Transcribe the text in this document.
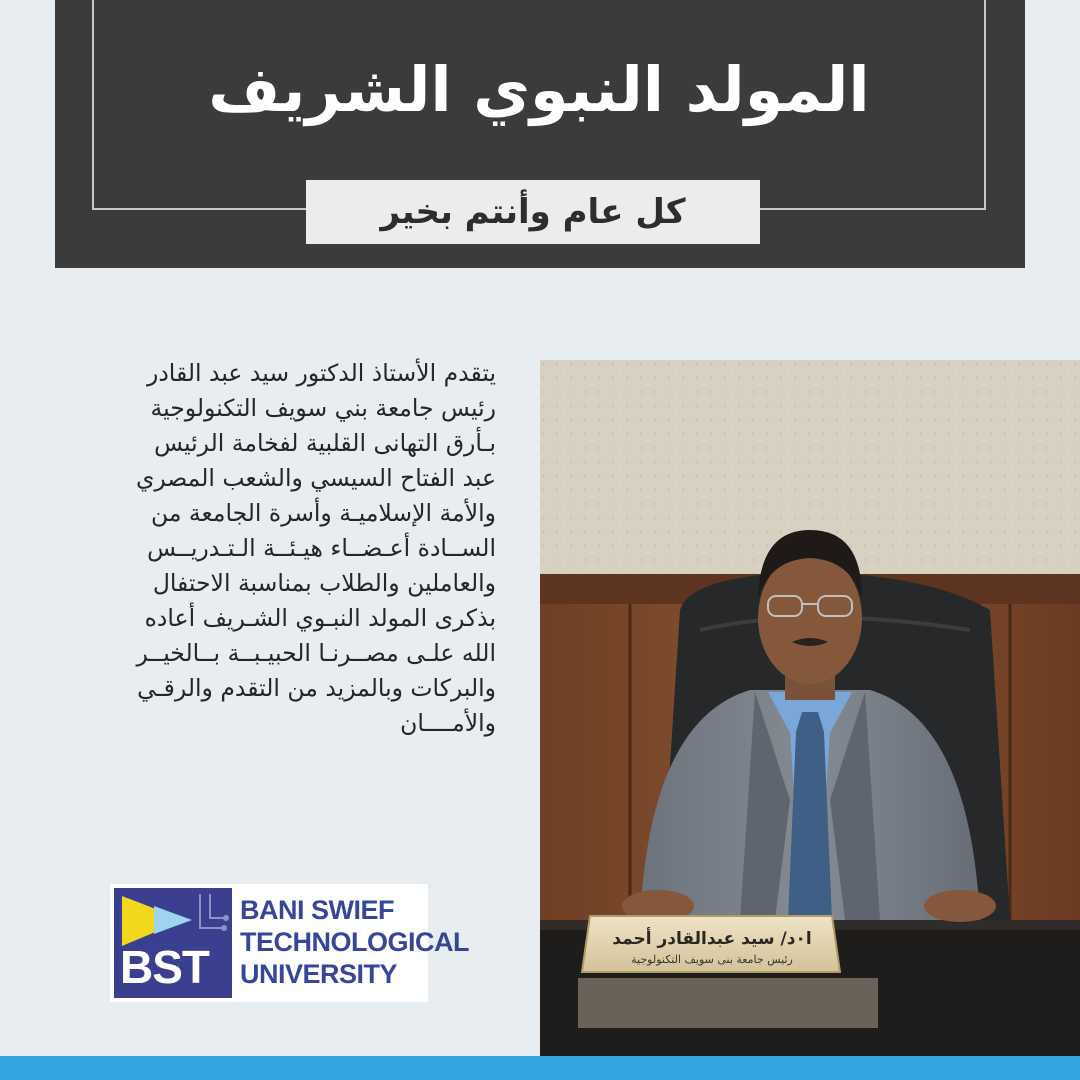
المولد النبوي الشريف
كل عام وأنتم بخير
يتقدم الأستاذ الدكتور سيد عبد القادر
رئيس جامعة بني سويف التكنولوجية
بـأرق التهانى القلبية لفخامة الرئيس
عبد الفتاح السيسي والشعب المصري
والأمة الإسلاميـة وأسرة الجامعة من
الســادة أعـضــاء هيـئــة الـتـدريــس
والعاملين والطلاب بمناسبة الاحتفال
بذكرى المولد النبـوي الشـريف أعاده
الله علـى مصــرنـا الحبيـبــة بــالخيــر
والبركات وبالمزيد من التقدم والرقـي
والأمــــان
ا٠د/ سيد عبدالقادر أحمد
رئيس جامعة بنى سويف التكنولوجية
BST
BANI SWIEF
TECHNOLOGICAL
UNIVERSITY
